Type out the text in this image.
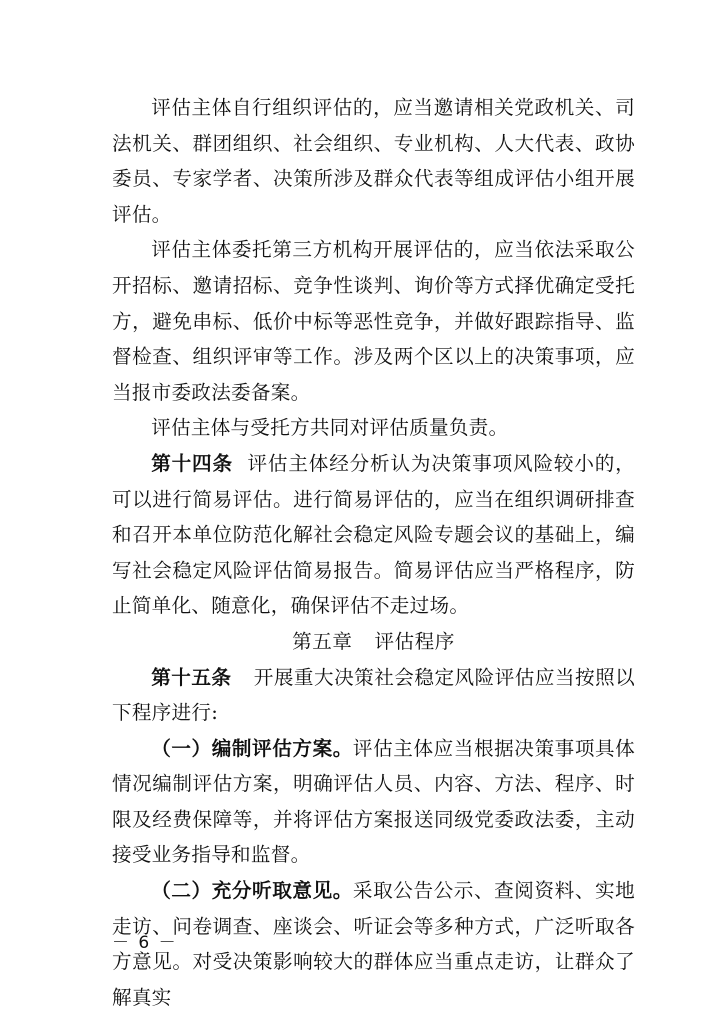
评估主体自行组织评估的，应当邀请相关党政机关、司法机关、群团组织、社会组织、专业机构、人大代表、政协委员、专家学者、决策所涉及群众代表等组成评估小组开展评估。

评估主体委托第三方机构开展评估的，应当依法采取公开招标、邀请招标、竞争性谈判、询价等方式择优确定受托方，避免串标、低价中标等恶性竞争，并做好跟踪指导、监督检查、组织评审等工作。涉及两个区以上的决策事项，应当报市委政法委备案。

评估主体与受托方共同对评估质量负责。

第十四条 评估主体经分析认为决策事项风险较小的，可以进行简易评估。进行简易评估的，应当在组织调研排查和召开本单位防范化解社会稳定风险专题会议的基础上，编写社会稳定风险评估简易报告。简易评估应当严格程序，防止简单化、随意化，确保评估不走过场。

第五章 评估程序

第十五条 开展重大决策社会稳定风险评估应当按照以下程序进行:

（一）编制评估方案。评估主体应当根据决策事项具体情况编制评估方案，明确评估人员、内容、方法、程序、时限及经费保障等，并将评估方案报送同级党委政法委，主动接受业务指导和监督。

（二）充分听取意见。采取公告公示、查阅资料、实地走访、问卷调查、座谈会、听证会等多种方式，广泛听取各方意见。对受决策影响较大的群体应当重点走访，让群众了解真实

－ 6 －
